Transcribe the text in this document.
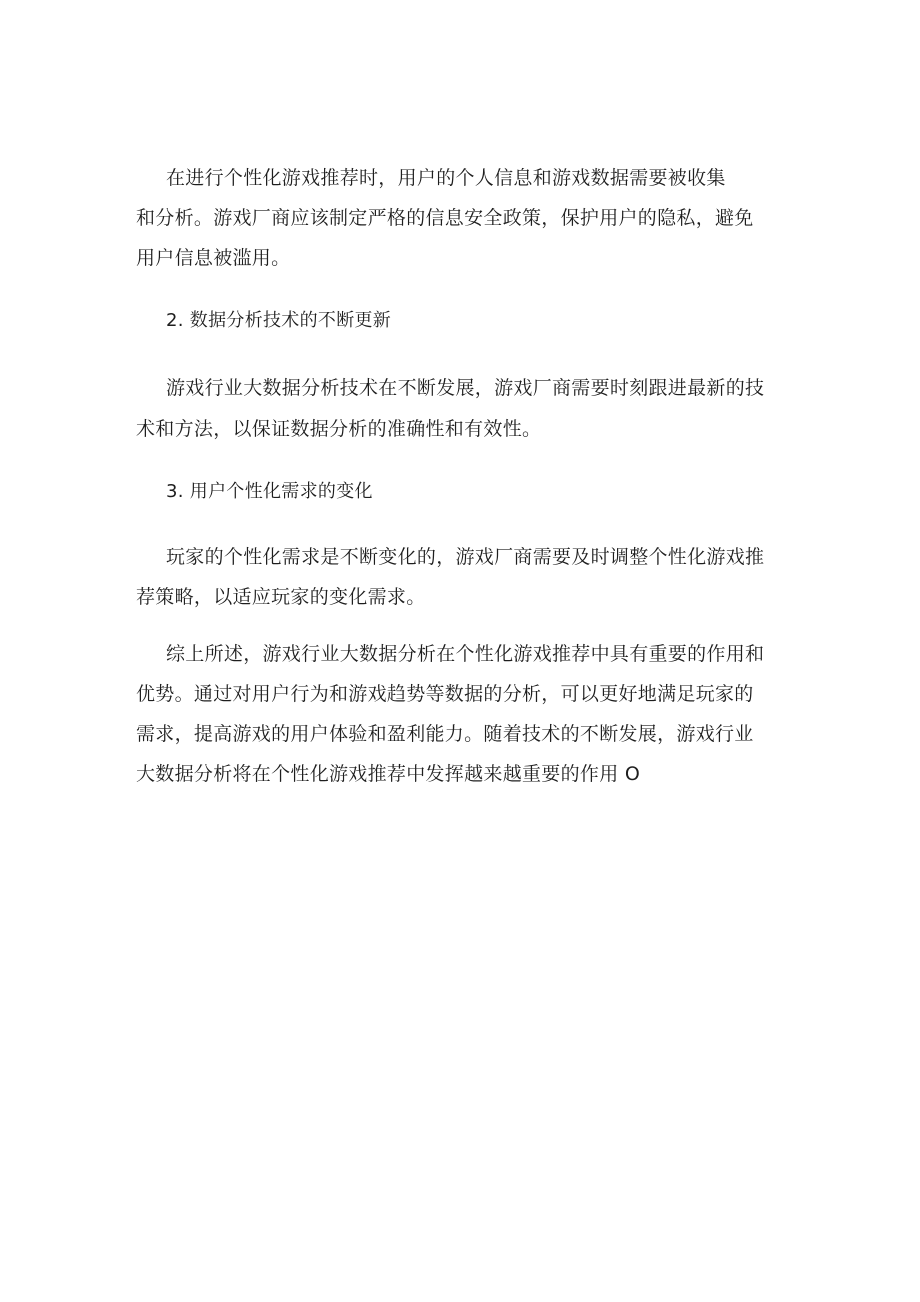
在进行个性化游戏推荐时，用户的个人信息和游戏数据需要被收集
和分析。游戏厂商应该制定严格的信息安全政策，保护用户的隐私，避免
用户信息被滥用。
2. 数据分析技术的不断更新
游戏行业大数据分析技术在不断发展，游戏厂商需要时刻跟进最新的技
术和方法，以保证数据分析的准确性和有效性。
3. 用户个性化需求的变化
玩家的个性化需求是不断变化的，游戏厂商需要及时调整个性化游戏推
荐策略，以适应玩家的变化需求。
综上所述，游戏行业大数据分析在个性化游戏推荐中具有重要的作用和
优势。通过对用户行为和游戏趋势等数据的分析，可以更好地满足玩家的
需求，提高游戏的用户体验和盈利能力。随着技术的不断发展，游戏行业
大数据分析将在个性化游戏推荐中发挥越来越重要的作用 O
